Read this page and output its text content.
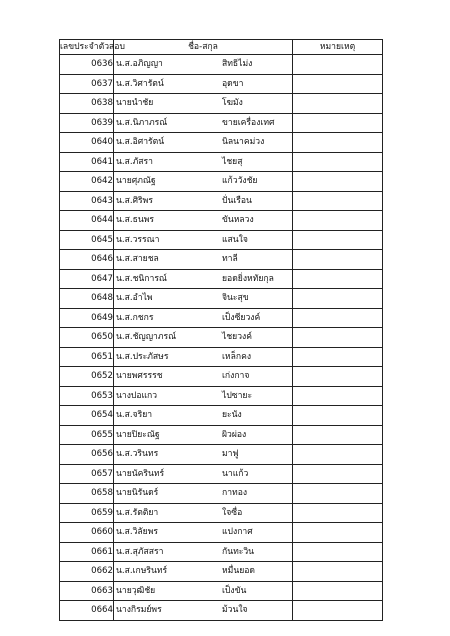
เลขประจำตัวสอบ	ชื่อ-สกุล	หมายเหตุ
0636	น.ส.อภิญญา สิทธิไม่ง	

0637	น.ส.วิศารัตน์ อุดขา	

0638	นายนำชัย โฆมัง	

0639	น.ส.นิภาภรณ์ ขายเครื่องเทศ	

0640	น.ส.อิศารัตน์ นิลนาคม่วง	

0641	น.ส.ภัสรา ไชยสุ	

0642	นายศุภณัฐ แก้ววังชัย	

0643	น.ส.ศิริพร ปั่นเรือน	

0644	น.ส.ธนพร ขันหลวง	

0645	น.ส.วรรณา แสนใจ	

0646	น.ส.สายชล ทาลี	

0647	น.ส.ชนิการณ์ ยอดยิ่งหทัยกุล	

0648	น.ส.อำไพ จินะสุข	

0649	น.ส.กชกร เป็งซียวงค์	

0650	น.ส.ชัญญาภรณ์ ไชยวงค์	

0651	น.ส.ประภัสษร เหล็กคง	

0652	นายพศรรรช เก่งกาจ	

0653	นางปอแกว ไปซายะ	

0654	น.ส.จริยา ยะนัง	

0655	นายปิยะณัฐ ผิวผ่อง	

0656	น.ส.วรินทร มาฟู	

0657	นายนัครินทร์ นาแก้ว	

0658	นายนิรันดร์ กาทอง	

0659	น.ส.รัตติยา ใจซื่อ	

0660	น.ส.วิลัยพร แปงกาศ	

0661	น.ส.สุภัสสรา กันทะวิน	

0662	น.ส.เกษรินทร์ หมื่นยอด	

0663	นายวุฒิชัย เป็งขัน	

0664	นางกิรมย์พร ม้วนใจ	
